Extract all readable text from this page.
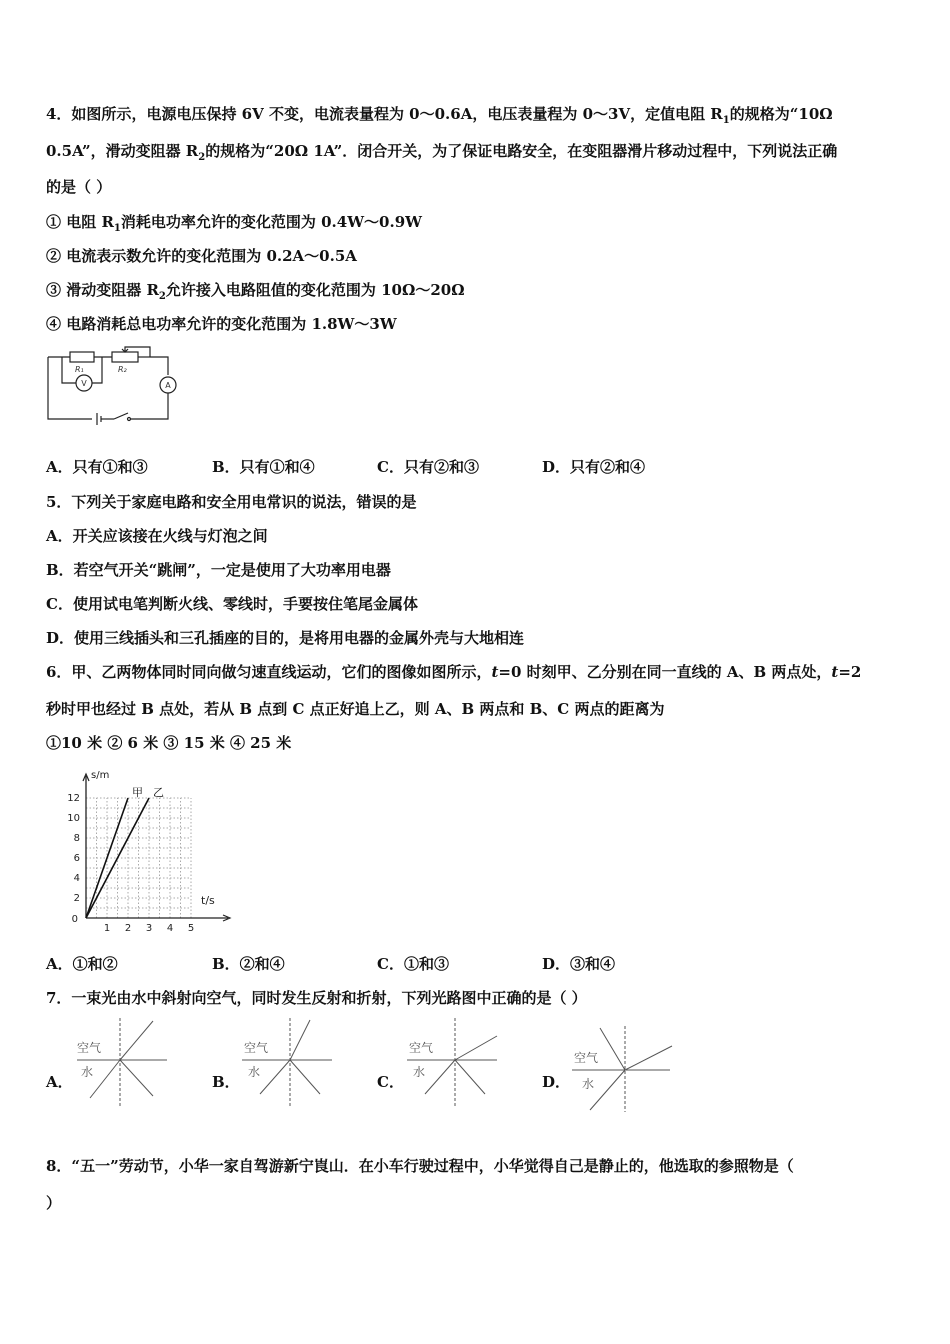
4．如图所示，电源电压保持 6V 不变，电流表量程为 0～0.6A，电压表量程为 0～3V，定值电阻 $R_1$的规格为“10Ω
0.5A”，滑动变阻器 $R_2$的规格为“20Ω 1A”．闭合开关，为了保证电路安全，在变阻器滑片移动过程中，下列说法正确
的是（ ）
① 电阻 $R_1$消耗电功率允许的变化范围为 0.4W～0.9W
② 电流表示数允许的变化范围为 0.2A～0.5A
③ 滑动变阻器 $R_2$允许接入电路阻值的变化范围为 10Ω～20Ω
④ 电路消耗总电功率允许的变化范围为 1.8W～3W
R₁	R₂
V	A
A．只有①和③	B．只有①和④	C．只有②和③	D．只有②和④
5．下列关于家庭电路和安全用电常识的说法，错误的是
A．开关应该接在火线与灯泡之间
B．若空气开关“跳闸”，一定是使用了大功率用电器
C．使用试电笔判断火线、零线时，手要按住笔尾金属体
D．使用三线插头和三孔插座的目的，是将用电器的金属外壳与大地相连
6．甲、乙两物体同时同向做匀速直线运动，它们的图像如图所示，t=0 时刻甲、乙分别在同一直线的 A、B 两点处，t=2
秒时甲也经过 B 点处，若从 B 点到 C 点正好追上乙，则 A、B 两点和 B、C 两点的距离为
①10 米 ② 6 米 ③ 15 米 ④ 25 米
2
4
6
8
10
12
1 2 3 4 5
0
s/m
t/s
甲 乙
A．①和②	B．②和④	C．①和③	D．③和④
7．一束光由水中斜射向空气，同时发生反射和折射，下列光路图中正确的是（ ）
A．
空气
水
B．
空气
水
C．
空气
水
D．
空气
水
8．“五一”劳动节，小华一家自驾游新宁崀山．在小车行驶过程中，小华觉得自己是静止的，他选取的参照物是（
）
